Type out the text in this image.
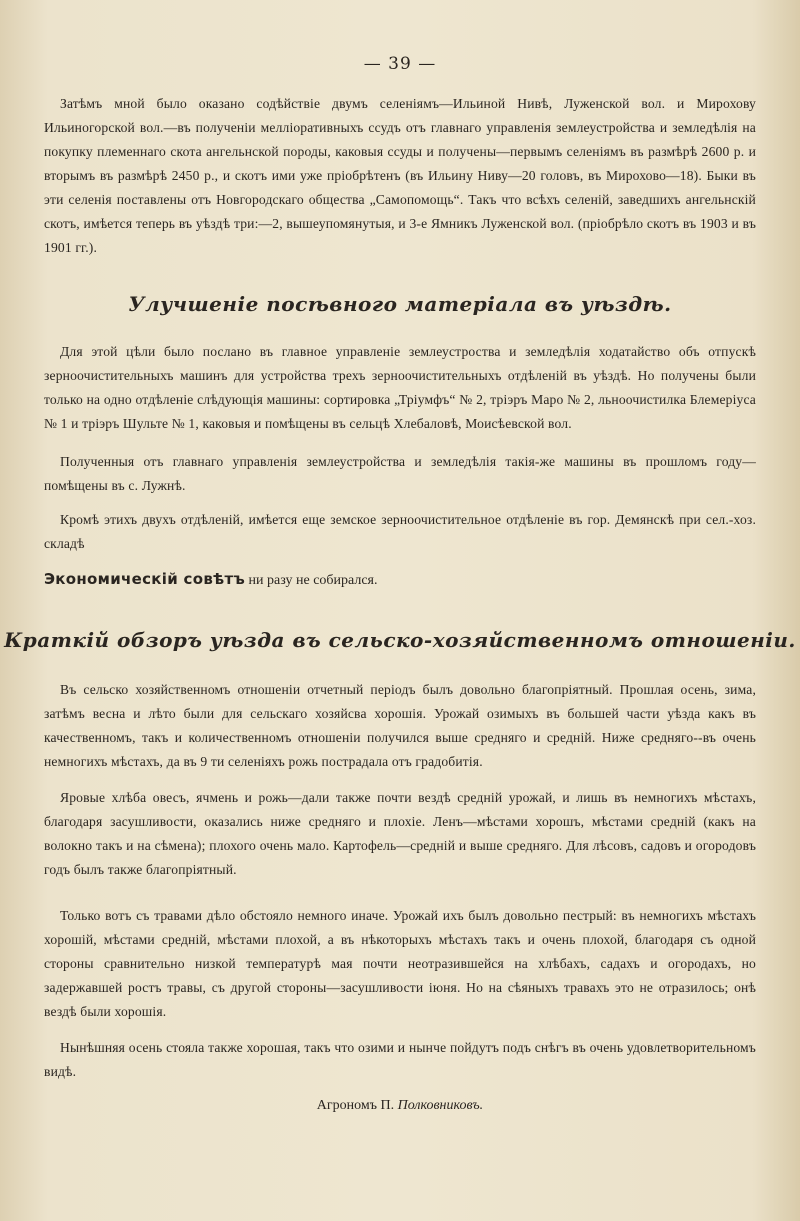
— 39 —

Затѣмъ мной было оказано содѣйствіе двумъ селеніямъ—Ильиной Нивѣ, Луженской вол. и Мирохову Ильиногорской вол.—въ полученіи мелліоративныхъ ссудъ отъ главнаго управленія землеустройства и земледѣлія на покупку племеннаго скота ангельнской породы, каковыя ссуды и получены—первымъ селеніямъ въ размѣрѣ 2600 р. и вторымъ въ размѣрѣ 2450 р., и скотъ ими уже пріобрѣтенъ (въ Ильину Ниву—20 головъ, въ Мирохово—18). Быки въ эти селенія поставлены отъ Новгородскаго общества „Самопомощь“. Такъ что всѣхъ селеній, заведшихъ ангельнскій скотъ, имѣется теперь въ уѣздѣ три:—2, вышеупомянутыя, и 3-е Ямникъ Луженской вол. (пріобрѣло скотъ въ 1903 и въ 1901 гг.).

Улучшеніе посѣвного матеріала въ уѣздѣ.

Для этой цѣли было послано въ главное управленіе землеустроства и земледѣлія ходатайство объ отпускѣ зерноочистительныхъ машинъ для устройства трехъ зерноочистительныхъ отдѣленій въ уѣздѣ. Но получены были только на одно отдѣленіе слѣдующія машины: сортировка „Тріумфъ“ № 2, тріэръ Маро № 2, льноочистилка Блемеріуса № 1 и тріэръ Шультe № 1, каковыя и помѣщены въ сельцѣ Хлебаловѣ, Моисѣевской вол.

Полученныя отъ главнаго управленія землеустройства и земледѣлія такія-же машины въ прошломъ году—помѣщены въ с. Лужнѣ.

Кромѣ этихъ двухъ отдѣленій, имѣется еще земское зерноочистительное отдѣленіе въ гор. Демянскѣ при сел.-хоз. складѣ

Экономическій совѣтъ ни разу не собирался.
Краткій обзоръ уѣзда въ сельско-хозяйственномъ отношеніи.

Въ сельско хозяйственномъ отношеніи отчетный періодъ былъ довольно благопріятный. Прошлая осень, зима, затѣмъ весна и лѣто были для сельскаго хозяйсва хорошія. Урожай озимыхъ въ большей части уѣзда какъ въ качественномъ, такъ и количественномъ отношеніи получился выше средняго и средній. Ниже средняго--въ очень немногихъ мѣстахъ, да въ 9 ти селеніяхъ рожь пострадала отъ градобитія.

Яровые хлѣба овесъ, ячмень и рожь—дали также почти вездѣ средній урожай, и лишь въ немногихъ мѣстахъ, благодаря засушливости, оказались ниже средняго и плохіе. Ленъ—мѣстами хорошъ, мѣстами средній (какъ на волокно такъ и на сѣмена); плохого очень мало. Картофель—средній и выше средняго. Для лѣсовъ, садовъ и огородовъ годъ былъ также благопріятный.

Только вотъ съ травами дѣло обстояло немного иначе. Урожай ихъ былъ довольно пестрый: въ немногихъ мѣстахъ хорошій, мѣстами средній, мѣстами плохой, а въ нѣкоторыхъ мѣстахъ такъ и очень плохой, благодаря съ одной стороны сравнительно низкой температурѣ мая почти неотразившейся на хлѣбахъ, садахъ и огородахъ, но задержавшей ростъ травы, съ другой стороны—засушливости іюня. Но на сѣяныхъ травахъ это не отразилось; онѣ вездѣ были хорошія.

Нынѣшняя осень стояла также хорошая, такъ что озими и нынче пойдутъ подъ снѣгъ въ очень удовлетворительномъ видѣ.

Агрономъ П. Полковниковъ.
